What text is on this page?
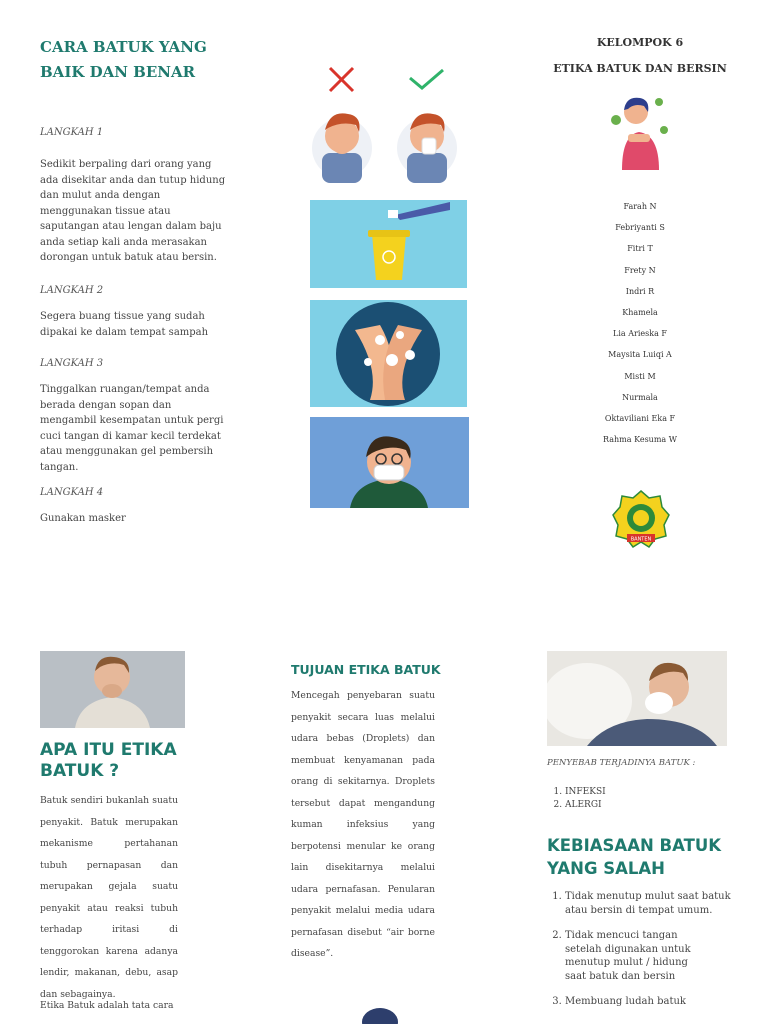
CARA BATUK YANG

BAIK DAN BENAR

LANGKAH 1

Sedikit berpaling dari orang yang ada disekitar anda dan tutup hidung dan mulut anda dengan menggunakan tissue atau saputangan atau lengan dalam baju anda setiap kali anda merasakan dorongan untuk batuk atau bersin.

LANGKAH 2

Segera buang tissue yang sudah dipakai ke dalam tempat sampah

LANGKAH 3

Tinggalkan ruangan/tempat anda berada dengan sopan dan mengambil kesempatan untuk pergi cuci tangan di kamar kecil terdekat atau menggunakan gel pembersih tangan.

LANGKAH 4

Gunakan masker

KELOMPOK 6

ETIKA BATUK DAN BERSIN

Farah N

Febriyanti S

Fitri T

Frety N

Indri R

Khamela

Lia Arieska F

Maysita Luiqi A

Misti M

Nurmala

Oktaviliani Eka F

Rahma Kesuma W

BANTEN

APA ITU ETIKA

BATUK ?

Batuk sendiri bukanlah suatu penyakit. Batuk merupakan mekanisme pertahanan tubuh pernapasan dan merupakan gejala suatu penyakit atau reaksi tubuh terhadap iritasi di tenggorokan karena adanya lendir, makanan, debu, asap dan sebagainya.

Etika Batuk adalah tata cara

TUJUAN ETIKA BATUK

Mencegah penyebaran suatu penyakit secara luas melalui udara bebas (Droplets) dan membuat kenyamanan pada orang di sekitarnya. Droplets tersebut dapat mengandung kuman infeksius yang berpotensi menular ke orang lain disekitarnya melalui udara pernafasan. Penularan penyakit melalui media udara pernafasan disebut “air borne disease”.

PENYEBAB TERJADINYA BATUK :

1. INFEKSI
2. ALERGI

KEBIASAAN BATUK

YANG SALAH

1. Tidak menutup mulut saat batuk atau bersin di tempat umum.
2. Tidak mencuci tangan setelah digunakan untuk menutup mulut / hidung saat batuk dan bersin
3. Membuang ludah batuk
